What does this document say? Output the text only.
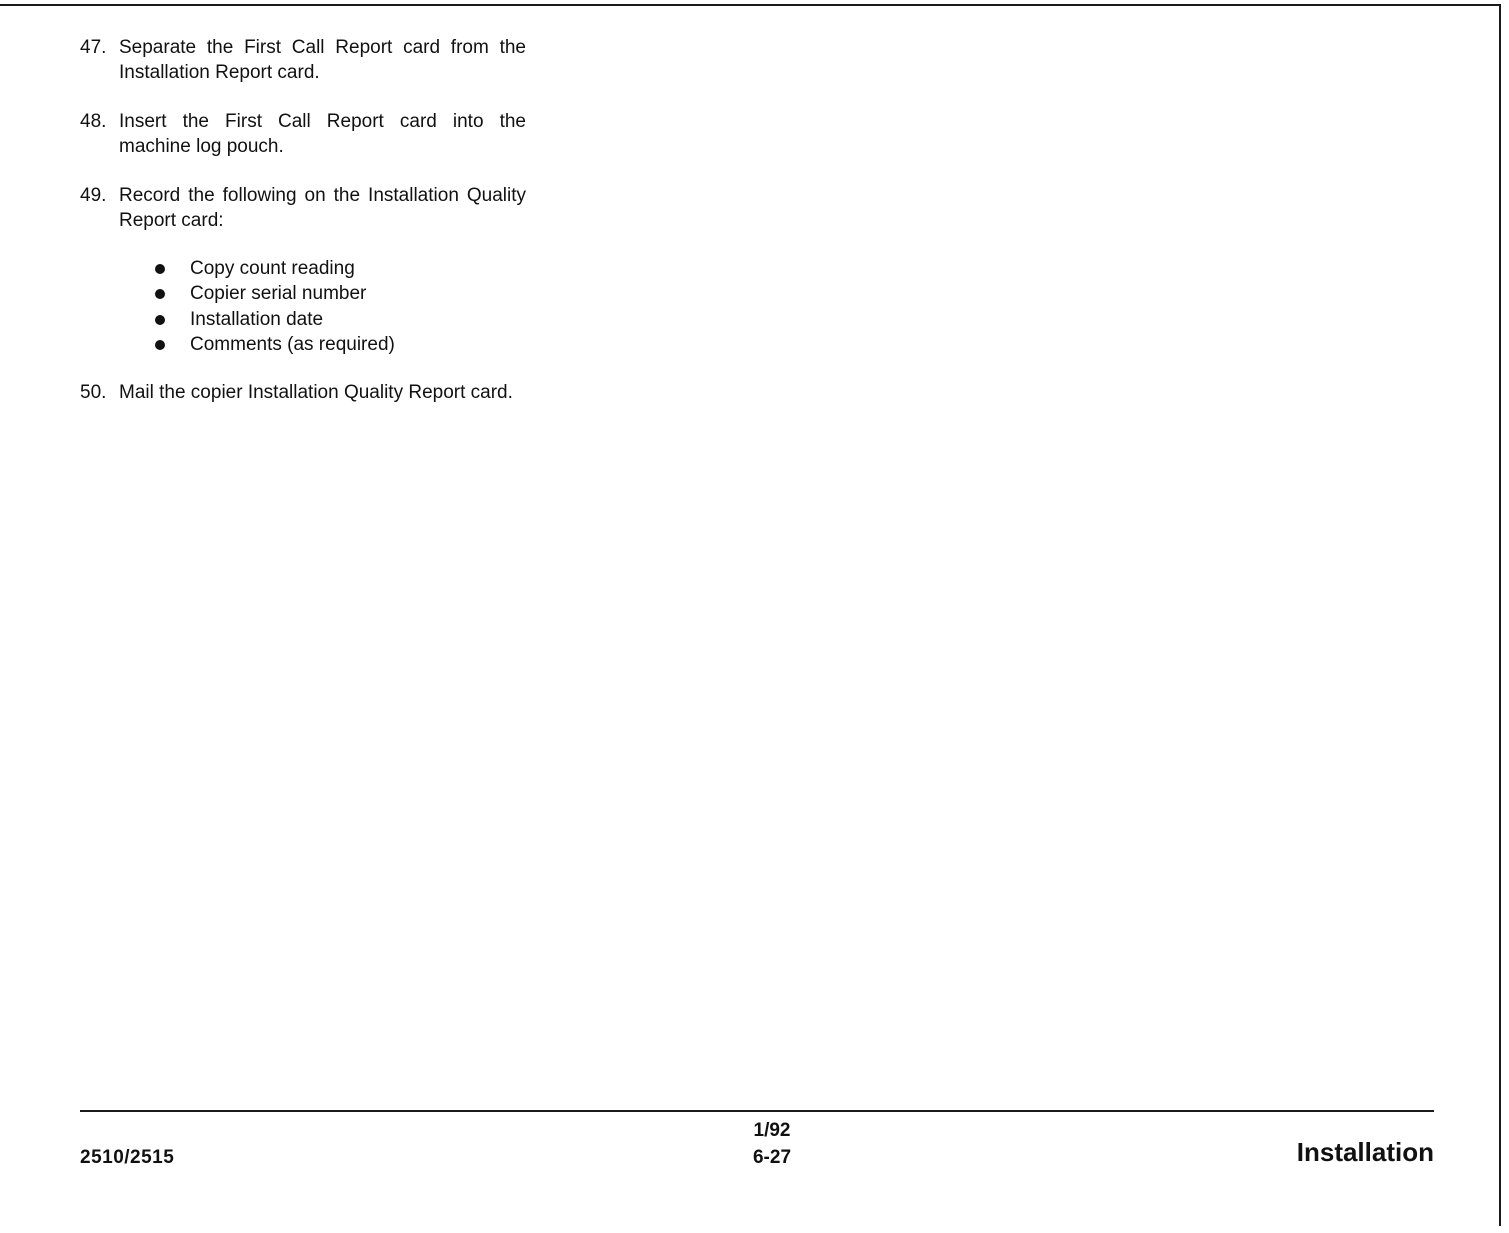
47. Separate the First Call Report card from the Installation Report card.
48. Insert the First Call Report card into the machine log pouch.
49. Record the following on the Installation Quality Report card:
Copy count reading
Copier serial number
Installation date
Comments (as required)
50. Mail the copier Installation Quality Report card.
2510/2515
1/92
6-27	Installation
